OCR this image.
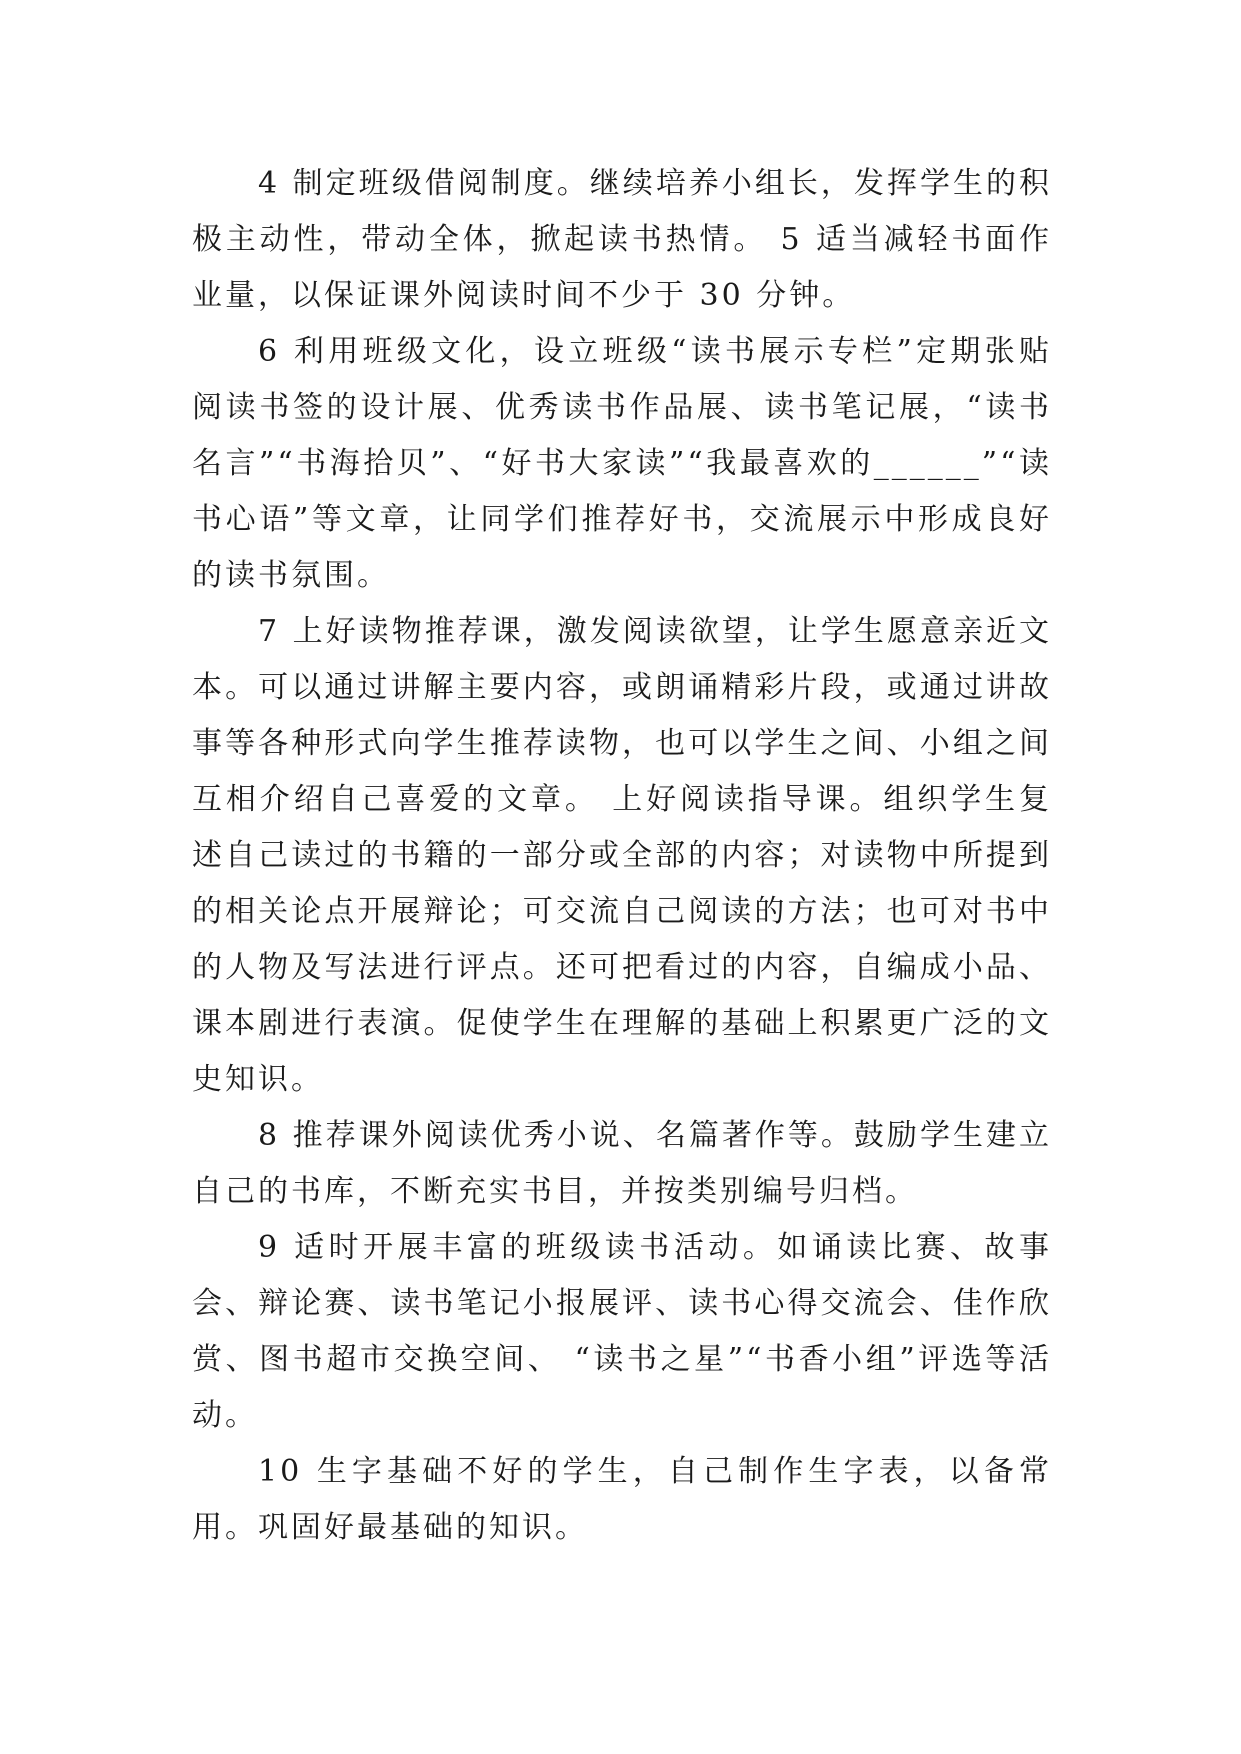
4 制定班级借阅制度。继续培养小组长，发挥学生的积极主动性，带动全体，掀起读书热情。 5 适当减轻书面作业量，以保证课外阅读时间不少于 30 分钟。

6 利用班级文化，设立班级“读书展示专栏”定期张贴阅读书签的设计展、优秀读书作品展、读书笔记展，“读书名言”“书海拾贝”、“好书大家读”“我最喜欢的______”“读书心语”等文章，让同学们推荐好书，交流展示中形成良好的读书氛围。

7 上好读物推荐课，激发阅读欲望，让学生愿意亲近文本。可以通过讲解主要内容，或朗诵精彩片段，或通过讲故事等各种形式向学生推荐读物，也可以学生之间、小组之间互相介绍自己喜爱的文章。 上好阅读指导课。组织学生复述自己读过的书籍的一部分或全部的内容；对读物中所提到的相关论点开展辩论；可交流自己阅读的方法；也可对书中的人物及写法进行评点。还可把看过的内容，自编成小品、课本剧进行表演。促使学生在理解的基础上积累更广泛的文史知识。

8 推荐课外阅读优秀小说、名篇著作等。鼓励学生建立自己的书库，不断充实书目，并按类别编号归档。

9 适时开展丰富的班级读书活动。如诵读比赛、故事会、辩论赛、读书笔记小报展评、读书心得交流会、佳作欣赏、图书超市交换空间、 “读书之星”“书香小组”评选等活动。

10 生字基础不好的学生，自己制作生字表，以备常用。巩固好最基础的知识。
